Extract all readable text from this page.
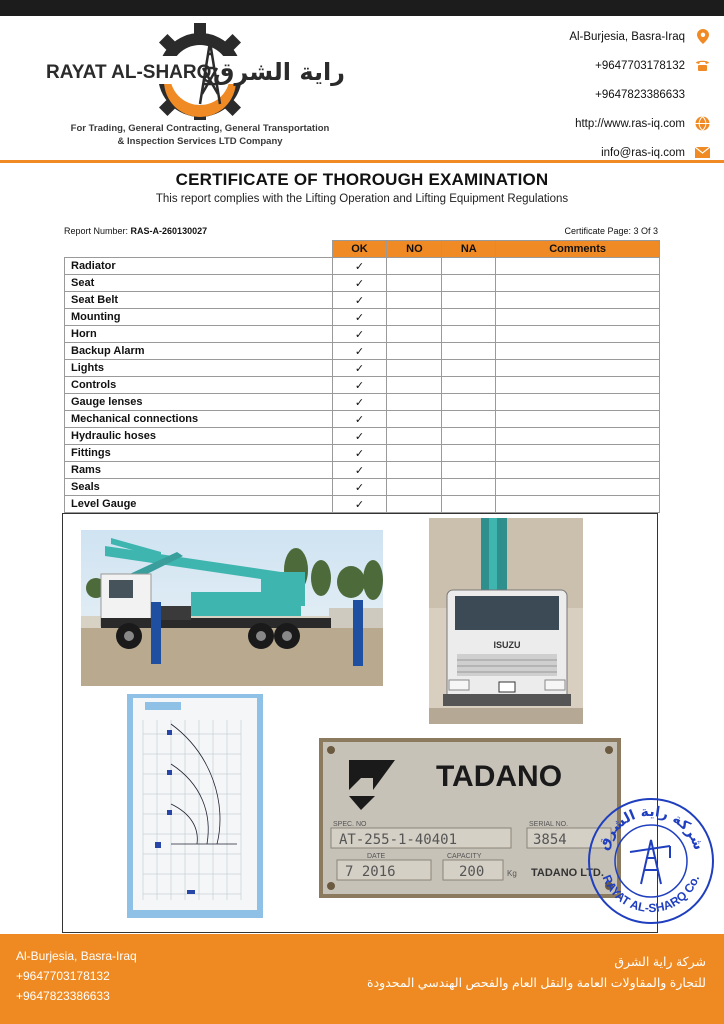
RAYAT AL-SHARQ راية الشرق
For Trading, General Contracting, General Transportation
& Inspection Services LTD Company
Al-Burjesia, Basra-Iraq
+9647703178132
+9647823386633
http://www.ras-iq.com
info@ras-iq.com
CERTIFICATE OF THOROUGH EXAMINATION
This report complies with the Lifting Operation and Lifting Equipment Regulations
Report Number: RAS-A-260130027	Certificate Page: 3 Of 3
	OK	NO	NA	Comments
Radiator	✓			
Seat	✓			
Seat Belt	✓			
Mounting	✓			
Horn	✓			
Backup Alarm	✓			
Lights	✓			
Controls	✓			
Gauge lenses	✓			
Mechanical connections	✓			
Hydraulic hoses	✓			
Fittings	✓			
Rams	✓			
Seals	✓			
Level Gauge	✓			
ISUZU
TADANO
SPEC. NO
AT-255-1-40401
SERIAL NO.
3854
DATE
7 2016
CAPACITY
200	Kg TADANO LTD.
شركة راية الشرق
RAYAT AL-SHARQ Co.
Al-Burjesia, Basra-Iraq
+9647703178132
+9647823386633
شركة راية الشرق
للتجارة والمقاولات العامة والنقل العام والفحص الهندسي المحدودة
